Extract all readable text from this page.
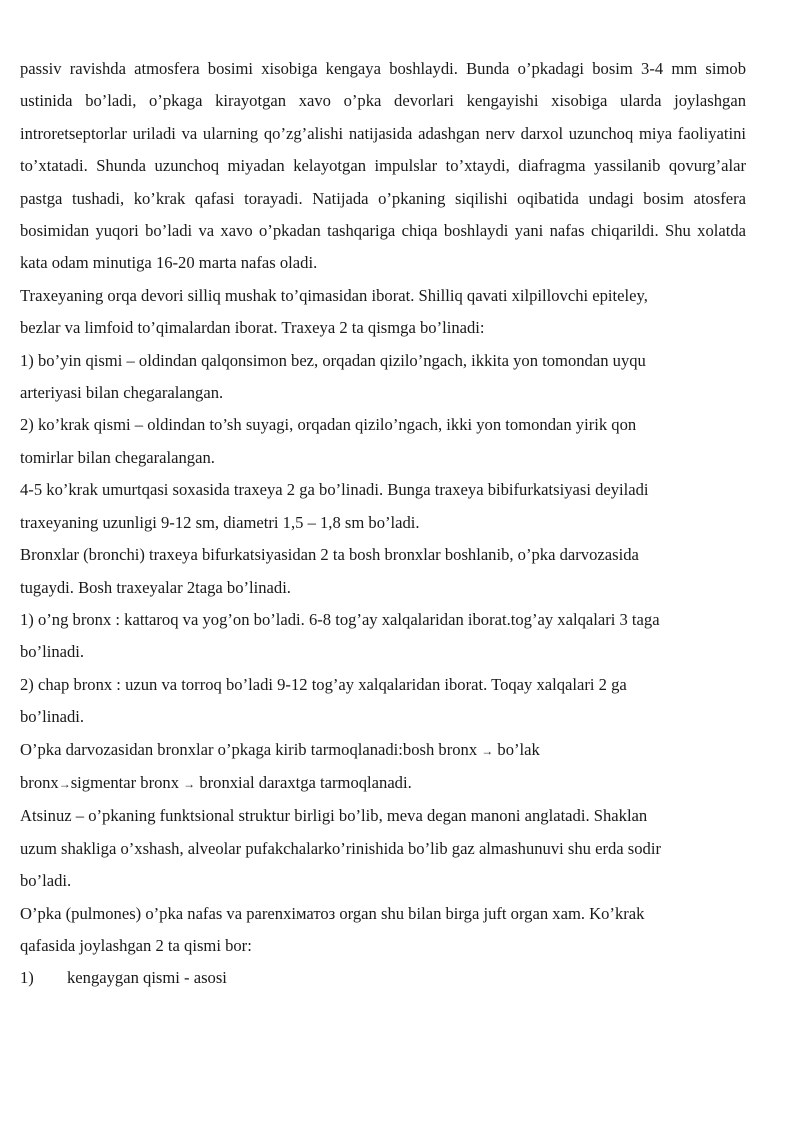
passiv ravishda atmosfera bosimi xisobiga kengaya boshlaydi. Bunda o’pkadagi bosim 3-4 mm simob ustinida bo’ladi, o’pkaga kirayotgan xavo o’pka devorlari kengayishi xisobiga ularda joylashgan introretseptorlar uriladi va ularning qo’zg’alishi natijasida adashgan nerv darxol uzunchoq miya faoliyatini to’xtatadi. Shunda uzunchoq miyadan kelayotgan impulslar to’xtaydi, diafragma yassilanib qovurg’alar pastga tushadi, ko’krak qafasi torayadi. Natijada o’pkaning siqilishi oqibatida undagi bosim atosfera bosimidan yuqori bo’ladi va xavo o’pkadan tashqariga chiqa boshlaydi yani nafas chiqarildi. Shu xolatda kata odam minutiga 16-20 marta nafas oladi.

Traxeyaning orqa devori silliq mushak to’qimasidan iborat. Shilliq qavati xilpillovchi epiteley,

bezlar va limfoid to’qimalardan iborat. Traxeya 2 ta qismga bo’linadi:

1) bo’yin qismi – oldindan qalqonsimon bez, orqadan qizilo’ngach, ikkita yon tomondan uyqu

arteriyasi bilan chegaralangan.

2) ko’krak qismi – oldindan to’sh suyagi, orqadan qizilo’ngach, ikki yon tomondan yirik qon

tomirlar bilan chegaralangan.

4-5 ko’krak umurtqasi soxasida traxeya 2 ga bo’linadi. Bunga traxeya bibifurkatsiyasi deyiladi

traxeyaning uzunligi 9-12 sm, diametri 1,5 – 1,8 sm bo’ladi.

Bronxlar (bronchi) traxeya bifurkatsiyasidan 2 ta bosh bronxlar boshlanib, o’pka darvozasida

tugaydi. Bosh traxeyalar 2taga bo’linadi.

1) o’ng bronx : kattaroq va yog’on bo’ladi. 6-8 tog’ay xalqalaridan iborat.tog’ay xalqalari 3 taga

bo’linadi.

2) chap bronx : uzun va torroq bo’ladi 9-12 tog’ay xalqalaridan iborat. Toqay xalqalari 2 ga

bo’linadi.

O’pka darvozasidan bronxlar o’pkaga kirib tarmoqlanadi:bosh bronx → bo’lak

bronx→sigmentar bronx → bronxial daraxtga tarmoqlanadi.

Atsinuz – o’pkaning funktsional struktur birligi bo’lib, meva degan manoni anglatadi. Shaklan

uzum shakliga o’xshash, alveolar pufakchalarko’rinishida bo’lib gaz almashunuvi shu erda sodir

bo’ladi.

O’pka (pulmones) o’pka nafas va parenxiматоз organ shu bilan birga juft organ xam. Ko’krak

qafasida joylashgan 2 ta qismi bor:

1)	kengaygan qismi - asosi
